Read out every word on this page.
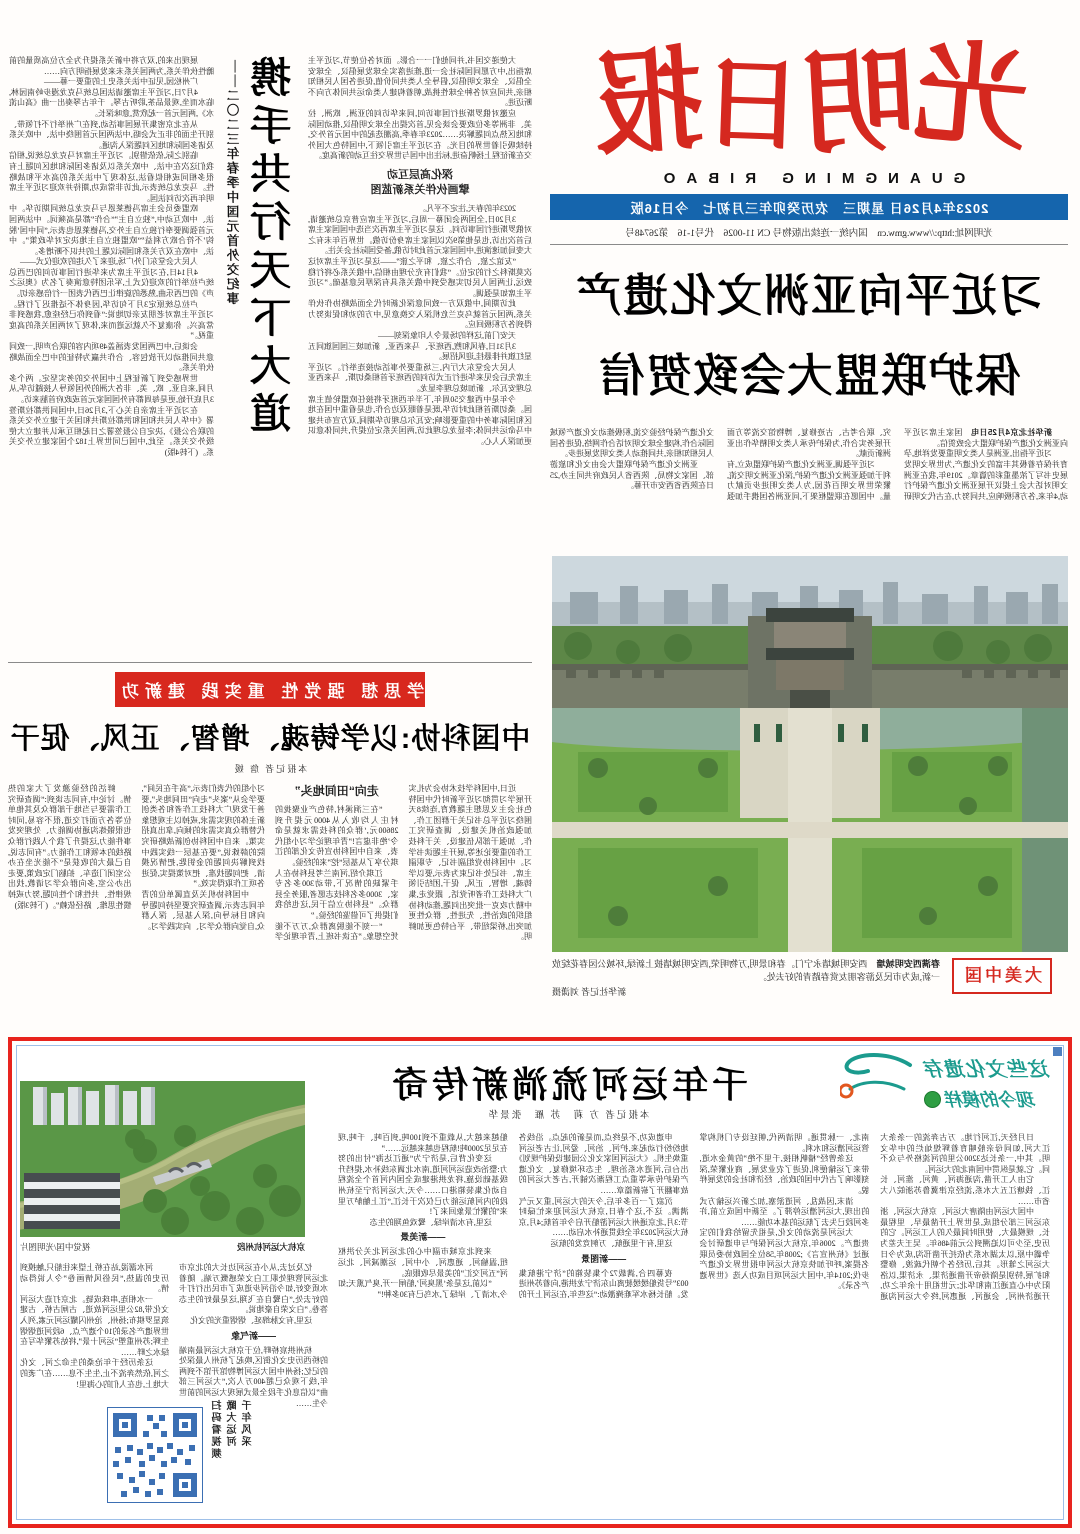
光
明
日
报
GUANGMING RIBAO
2023年4月26日 星期三　农历癸卯年三月初七　今日16版
光明网址:http://www.gmw.cn　国内统一连续出版物号 CN 11-0026　代号1-16　第26748号
习近平向亚洲文化遗产
保护联盟大会致贺信

新华社北京4月25日电　国家主席习近平向亚洲文化遗产保护联盟大会致贺信。

习近平指出,亚洲是人类文明重要发祥地,孕育并保存着极其丰富的文化遗产,为世界文明发展史书写了浓墨重彩的篇章。2019年,我在亚洲文明对话大会上提议开展亚洲文化遗产保护行动,4年来,各方积极响应,共同努力,在古代文明研究、联合考古、古迹修复、博物馆交流等方面开展务实合作,为保护传承人类文明精华作出亚洲新贡献。

习近平强调,亚洲文化遗产保护联盟成立,有利于加强亚洲文化遗产保护,深化亚洲文明交流,繁荣世界文明百花园,为人类文明进步贡献力量。中国愿在联盟框架下,同亚洲各国携手加强文化遗产保护经验交流,积极推动文化遗产领域国际合作,构建全球文明对话合作网络,促进各国人民相知相亲,共同推动人类文明发展进步。

亚洲文化遗产保护联盟大会由文化和旅游部、国家文物局、陕西省人民政府共同主办,25日在陕西省西安市开幕。

大美中国
春满西安明城墙　西安明城墙永宁门。春和景明,万物明荣,西安明城墙披上新绿,环城公园春花绽放一新,成为市民及游客朋友赏春踏青的好去处。
新华社记者 刘潇摄

大使递交国书,并同他们一一合影。面对各位使节,习近平主席指出,中方愿同国际社会一道,推进落实全球发展倡议、全球安全倡议、全球文明倡议,倡导全人类共同价值,促进各国人民相知相亲,共同应对各种全球性挑战,朝着构建人类命运共同体方向不断迈进。

应邀对俄罗斯进行国事访问,同来华访问的亚洲、欧洲、拉美、非洲等多位政要会谈会见,首次提出全球文明倡议,推动国际和地区热点问题解决……2023年春季,高潮迭起的中国元首外交,持续吸引着世界的目光。在习近平主席引领下,中国特色大国外交在新征程上扬帆奋进,标注出中国与世界交往互动的新高度。

深化高层互动
擘画伙伴关系新蓝图

2023年的春天,注定不平凡。

3月20日,全国两会闭幕一周后,习近平主席应普京总统邀请,对俄罗斯进行国事访问。这是习近平主席再次当选中国国家主席后首次出访,也是他第9次以国家主席身份访俄。世界百年未有之大变局加速演进,中国国家元首此时访俄,备受国际社会关注。

“友谊之旅、合作之旅、和平之旅”——这是习近平主席对这次莫斯科之行的定位。“我们有充分理由相信,中俄关系必将行稳致远,让两国人民切实感受到中俄关系具有深厚民意基础。”习近平主席如是强调。

此访期间,中俄双方一致同意深化新时代全面战略协作伙伴关系,两国元首就乌克兰危机深入交换意见,中方的劝和促谈努力得到各方积极回应。

天安门前,这样的场景令人印象深刻——

3月31日,春风和煦,西班牙、马来西亚、新加坡三国国旗同五星红旗并排悬挂,迎风招展。

人民大会堂东大厅内,三场重要外事活动接连举行。习近平主席先后会见来华进行正式访问的西班牙首相桑切斯、马来西亚总理安瓦尔、新加坡总理李显龙。

今年是中西建交50周年,下半年西班牙将接任欧盟轮值主席国。桑切斯首相此时访华,既是着眼双边合作,也是看重中国在地区和国际事务中的重要影响;安瓦尔总理访华期间,双方宣布共建中马命运共同体;李显龙总理此访,两国关系定位提升,共同体意识更加深入人心。

携手共行天下大道
——二〇二三年春季中国元首外交纪事

展现出来的,双方将中新关系提升为全方位高质量的前瞻性伙伴关系,为两国关系未来发展指明方向……

广州松园,见证中法关系史上的重要一幕——

4月7日,习近平主席邀请法国总统马克龙漫步岭南园林,临水而坐,观景品茶,聆听古琴。千年古琴奏出一曲《高山流水》,两国元首一起欣赏,意味深长。

从在北京密集开展国事活动,到在广州举行不打领带、别开生面的非正式会晤,中法两国元首围绕中法、中欧关系及诸多国际和地区问题深入沟通。

临别之际,依依惜别。习近平主席对马克龙总统说,相信我们这次在中法、中欧关系以及诸多国际和地区问题上有很多相同或相似看法,这体现了中法关系的高水平和战略性。马克龙总统表示,此访非常成功,期待并欢迎习近平主席明年再次访问法国。

欧盟委员会主席冯德莱恩与马克龙总统同期访华。中法、中欧互动中,“独立自主”“合作”都是高频词。中法两国元首强调要奉行独立自主外交,冯德莱恩也表示,“同中国‘脱钩’不符合欧方利益”“欧盟独立自主地决定对华政策”。中法、中欧在双方关系和国际议题上的共识不断增多。

人民大会堂东门外广场,迎来了久违的欢迎仪式——

4月14日,在习近平主席为来华进行国事访问的巴西总统卢拉举行的欢迎仪式上,军乐团特意演奏了名为《奥运之声》的巴西乐曲,熟悉的旋律让巴西代表团一行倍感亲切。

卢拉总统原定3月下旬访华,因身体不适推迟了行程。习近平主席对老朋友亲切地说:“看到你已经痊愈,我感到非常高兴。你康复不久就远道而来,体现了对两国关系的高度重视。”

会谈后,中巴两国发表涵盖49项内容的联合声明,一致同意共同推动以开放包容、合作共赢为特征的中巴全面战略伙伴关系。

世界感受到了新征程上中国外交的务实坚定。两个多月间,来自亚、欧、美、非各大洲的外国领导人接踵访华,从3月底开始,更是每周都有外国国家元首或政府首脑来访。

在习近平主席亲自关心下,3月26日,中国同洪都拉斯签署《中华人民共和国和洪都拉斯共和国关于建立外交关系的联合公报》,决定自公报签署之日起相互承认并建立大使级外交关系。至此,中国已同世界上182个国家建立外交关系。(下转4版)

学思想 强党性 重实践 建新功
中国科协:以学铸魂、增智、正风、促干
本报记者 詹 媛

近日,中国科学技术协会为扎实开展学习贯彻习近平新时代中国特色社会主义思想主题教育,连续8天围绕习近平总书记关于群团工作、加强政治机关建设、调查研究工作、加强干部队伍建设、关于科技工作的重要论述等,展开主题读书学习。中国科协党组副书记、专职副主席、书记处书记束为表示,要以学铸魂、增智、正风、促干,团结引领广大科技工作者听党话、跟党走,集中精力攻克一批突出问题,推动科协组织的政治性、先进性、群众性更加突出,桥梁纽带、平台特色更加鲜明。

走向“田间地头”

“在三涧溪村,特色产业聚拢的村庄人均收入从4000元提升到28600元,‘群众的科技需求就是命令’绝非虚言!”青年理论学习小组代表、来自中国科协宣传文化部的江琪分享了从基层“挖”来的经验。

江琪介绍,河南兰考县科协在人手紧缺的情况下,带动300多名专家、3000多名科技志愿者,服务全县群众。“县科协立信于民,这也给我们提供了可借鉴的经验。”

“一刻不能脱离群众,万万不能凭空想象。”在读书班上,青年理论学习小组的代表们表示,“高手在民间”,要学会从“案头”走向“田间地头”,要善于发现广大科技工作者和各类创新主体的现实需求,戒掉以主观想象代替群众真实需求的倾向,拿出真招实策。来自中国科协创新战略研究院的薛姝说,“要在基层一线实践中找到解决问题的金钥匙,把情况摸清、把问题找准、把对策提实,促进各项工作取得实效。”

中国科协机关及直属单位的青年同志表示,调查研究要坚持问题导向和目标导向,深入基层、深入群众,自觉向群众学习、向实践学习。

鲜活的经验激发了大家的热情。讨论中,有同志谈到:“调查研究工作需要与当地干部群众及其他单位等各方面打交道,很不容易,同时也很锻炼沟通协调能力、处理突发事件能力,这提升了我个人践行群众路线的本领和工作能力。”有同志说,自己最大的收获是“不能光坐在办公室闭门造车、拍脑门定政策,要走出办公室,多向群众学习请教,找出规律性、共性和个性问题,努力戒掉惯性思维、路径依赖”。(下转3版)

这些文化遗存
现今的模样
千年运河流淌新传奇
本报记者 方 莉　苏 雁　张景华
京杭大运河杭州段
视觉中国/光明图片

日月经天,江河行地。万古奔流的一条条大江大河,如同母亲般哺育着辉煌灿烂的中华文明。其中,一条长达3200公里的河流格外与众不同。它,就是纵贯中国南北的大运河。

它由人工开凿,沟通海河、黄河、淮河、长江、钱塘江五大水系,流经京津冀鲁苏浙皖八大省市……

中国大运河由隋唐大运河、京杭大运河、浙东运河三部分组成,是世界上开凿最早、里程最长、规模最大、使用时间最久的人工运河。它的历史,至少可以追溯到公元前486年。吴王夫差为争霸中原,以太湖水系为依托开凿邗沟,成为今日大运河之雏形。其后,历经各个朝代疏浚、修整和扩展,特别是隋炀帝开凿通济渠、永济渠,以洛阳为中心直通江南和华北;元世祖用十余年之功,开通济州河、会通河、通惠河,终令大运河沟通南北、一脉贯通。明清两代,朝廷设专门机构掌管运河漕运和水利。

这条曾经“樯帆相接,千里不绝”的黄金水道,带来了运输便利,促进了农业发展、商业繁荣,深刻影响了古代中国的政治、经济和社会的发展样貌。

清末,因战乱、河道淤塞,加之新兴运输方式的出现,大运河漕运停滞了。至新中国成立前,许多河段已失去了航运的基本功能……

大运河是流动的文化,是祖先留给我们的宝贵遗产。2006年,京杭大运河保护与申遗研讨会通过《杭州宣言》;2008年,58位全国政协委员联名提案,呼吁加快京杭大运河申报世界文化遗产步伐;2014年,中国大运河项目成功入选《世界遗产名录》。

申遗成功,不是终点,而是新的起点。沿线各地纷纷行动起来,护河、治河、爱河,让古老运河重焕生机。《大运河国家文化公园建设保护规划》出台后,河道水系治理、生态环境修复、文化遗产保护传承等重点工程渐次铺开,古老大运河的故事翻开了崭新篇章……

沉寂了一百多年后,今天的大运河,重又元气满满。这不,这个春日,京杭大运河迎来忙碌时节:3月,北京通州大运河游船开启今年首航;4月,京杭大运河2023年全线贯通补水启动……

这里,有千里通航、万舸竞发的航运

——新图景

夜幕四合,满载72个集装箱的“济宁港航集003”号货船缓缓驶离山东济宁龙拱港,向着苏州进发。船长杨水军难掩激动:“这些年,在运河上开的船越来越大,从载重不到100吨,到百吨、千吨,现在足足2000吨!航程也越来越远……”

这变化背后,是济宁为“通江达海”付出的努力:整治改造运河河道,南水北调东线补水,提档升级基础设施,将龙拱港建成全国内河首个全流程自动化集装箱港口……今天,大运河济宁至杭州段的内河航运能力已仅次于长江,“江上舳舻万里来”的繁忙景象回来了!

这里,有水清岸绿、鹭戏鱼翔的生态

——新美景

来到北京城市副中心的北运河北关分洪枢纽,温榆河、通惠河、小中河、运潮减河、北运河“五河交汇”的美景尽收眼底。

“以前,这是条‘黑臭河’,船闸一开,臭气熏天;如今,水清了、岸绿了,水鸟已有30多种!”

忆及过去,从小在运河边长大的北京市北运河管理处职工白文荣感慨万端。随着水质变好,如今沿河步道成了市民出行打卡的好去处,“白鹭自在飞翔,这是最好的生态答卷。”白文荣自豪地说。

这里,有文脉绵延、熠熠重光的文化

——新气象

杭州拱宸桥畔,位于京杭大运河最南端的桥西历史文化街区,唤起了杭州人最深处的记忆;扬州中国大运河博物馆开馆不到两年,线下观众已超400万人次,“大运河三部曲”以信息化手段全景式展现大运河的前世今生……

河水潺湲,站在桥上望来往船只,触摸到历史的温热,“民俗风情画卷”令人说得动情。

一水相连,串珠成链。北京打造大运河文化带,82公里运河故道、古闸古桥、古建筑星罗棋布;扬州、沧州闪耀运河元素,列入世界遗产名录的10个遗产点、6段河道熠熠生辉;苏州重塑“运河十景”,将姑苏繁华写在绿水之畔……

这条历经千年沧桑的生命之河、文化之河,依然奔流不止,生生不息……在广袤的大地上,也在人们的心海里!

千年风采
瞰大运河
扫码看视频
